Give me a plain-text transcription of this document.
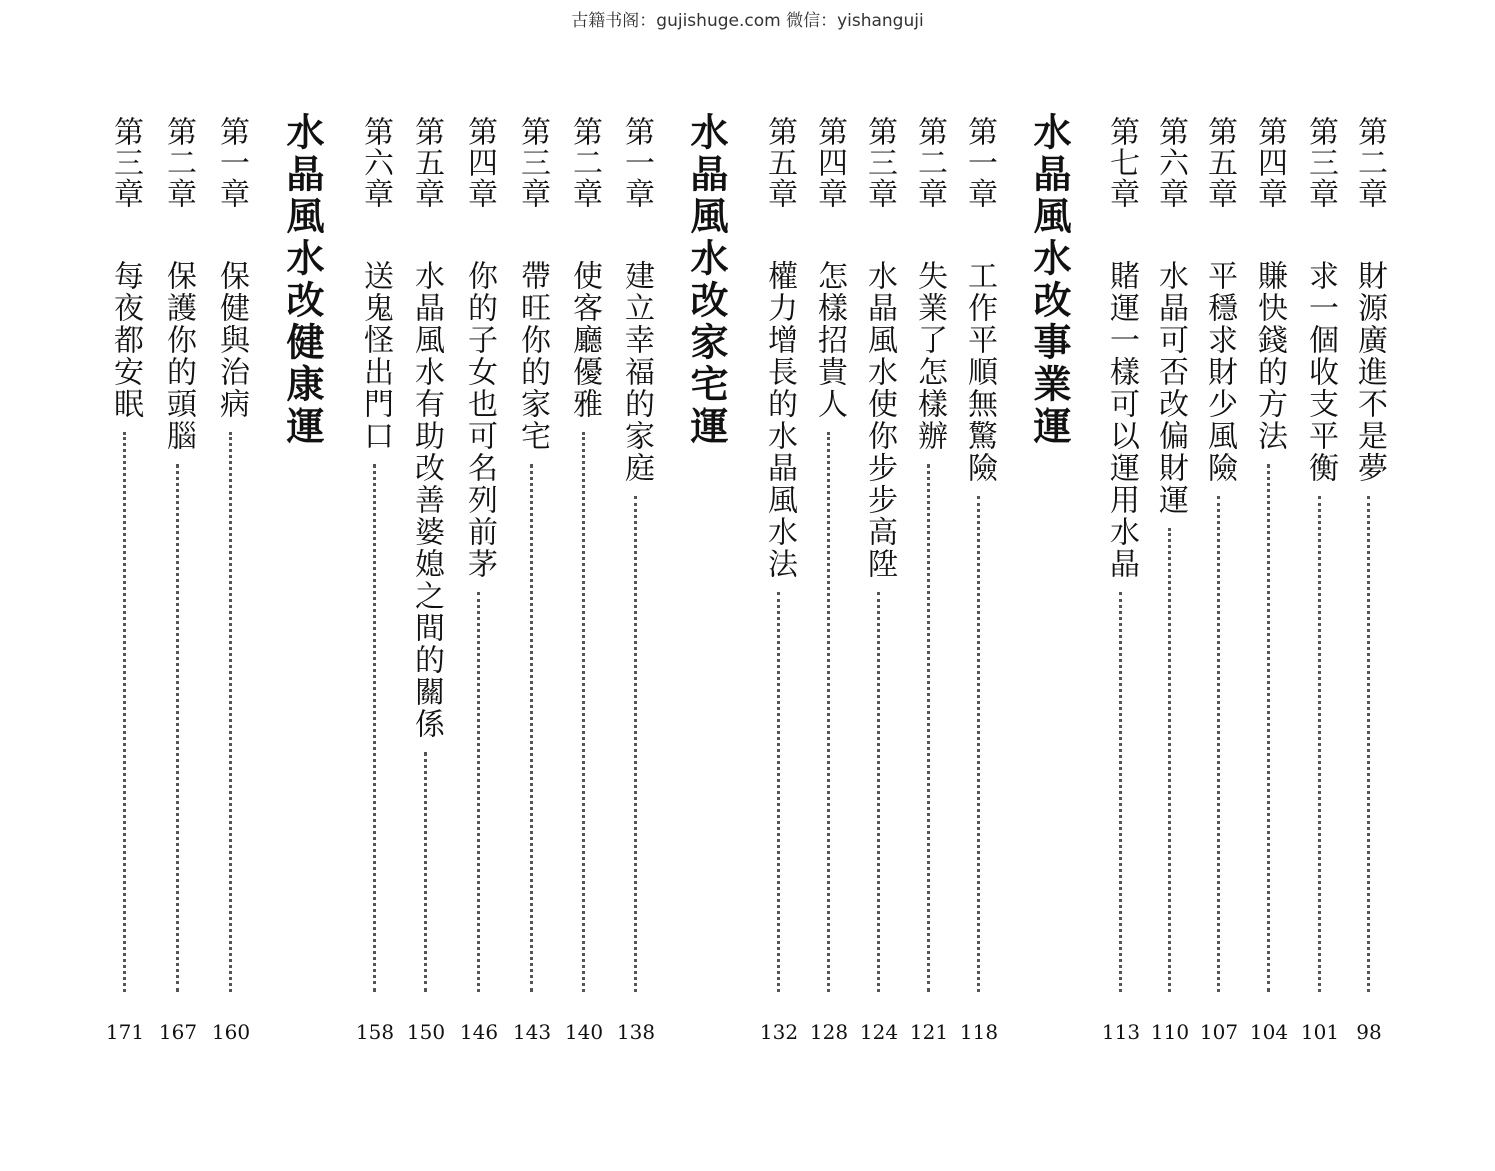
古籍书阁：gujishuge.com 微信：yishanguji
第二章
財源廣進不是夢
98
第三章
求一個收支平衡
101
第四章
賺快錢的方法
104
第五章
平穩求財少風險
107
第六章
水晶可否改偏財運
110
第七章
賭運一樣可以運用水晶
113
水晶風水改事業運
第一章
工作平順無驚險
118
第二章
失業了怎樣辦
121
第三章
水晶風水使你步步高陞
124
第四章
怎樣招貴人
128
第五章
權力增長的水晶風水法
132
水晶風水改家宅運
第一章
建立幸福的家庭
138
第二章
使客廳優雅
140
第三章
帶旺你的家宅
143
第四章
你的子女也可名列前茅
146
第五章
水晶風水有助改善婆媳之間的關係
150
第六章
送鬼怪出門口
158
水晶風水改健康運
第一章
保健與治病
160
第二章
保護你的頭腦
167
第三章
每夜都安眠
171
